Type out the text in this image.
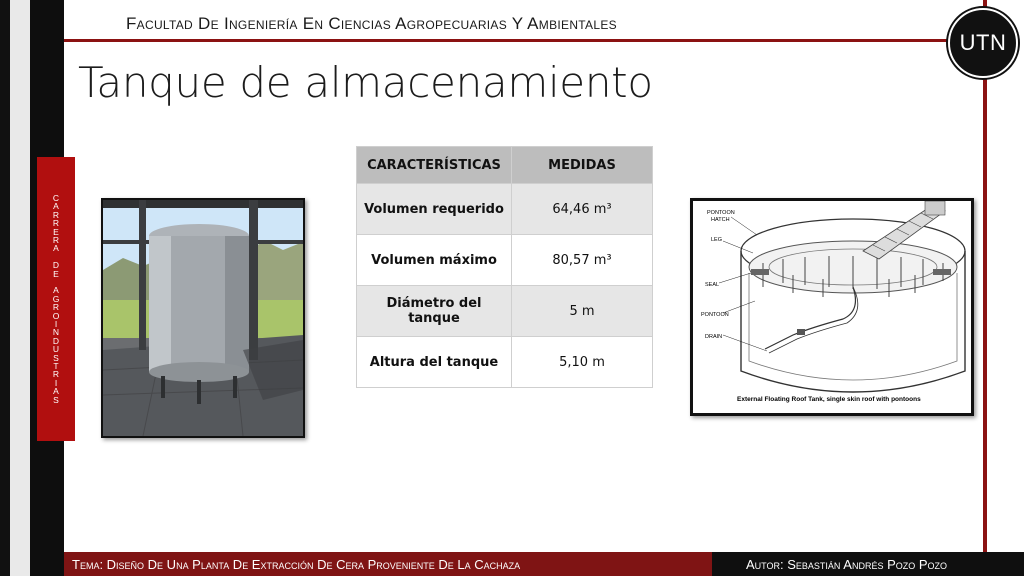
Facultad De Ingeniería En Ciencias Agropecuarias Y Ambientales
UTN
Tanque de almacenamiento
C
A
R
R
E
R
A

D
E

A
G
R
O
I
N
D
U
S
T
R
I
A
S
PONTOON
HATCH
LEG
SEAL
PONTOON
DRAIN
External Floating Roof Tank, single skin roof with pontoons
CARACTERÍSTICAS	MEDIDAS
Volumen requerido	64,46 m³
Volumen máximo	80,57 m³
Diámetro del tanque	5 m
Altura del tanque	5,10 m
Tema: Diseño De Una Planta De Extracción De Cera Proveniente De La Cachaza	Autor: Sebastián Andrés Pozo Pozo
